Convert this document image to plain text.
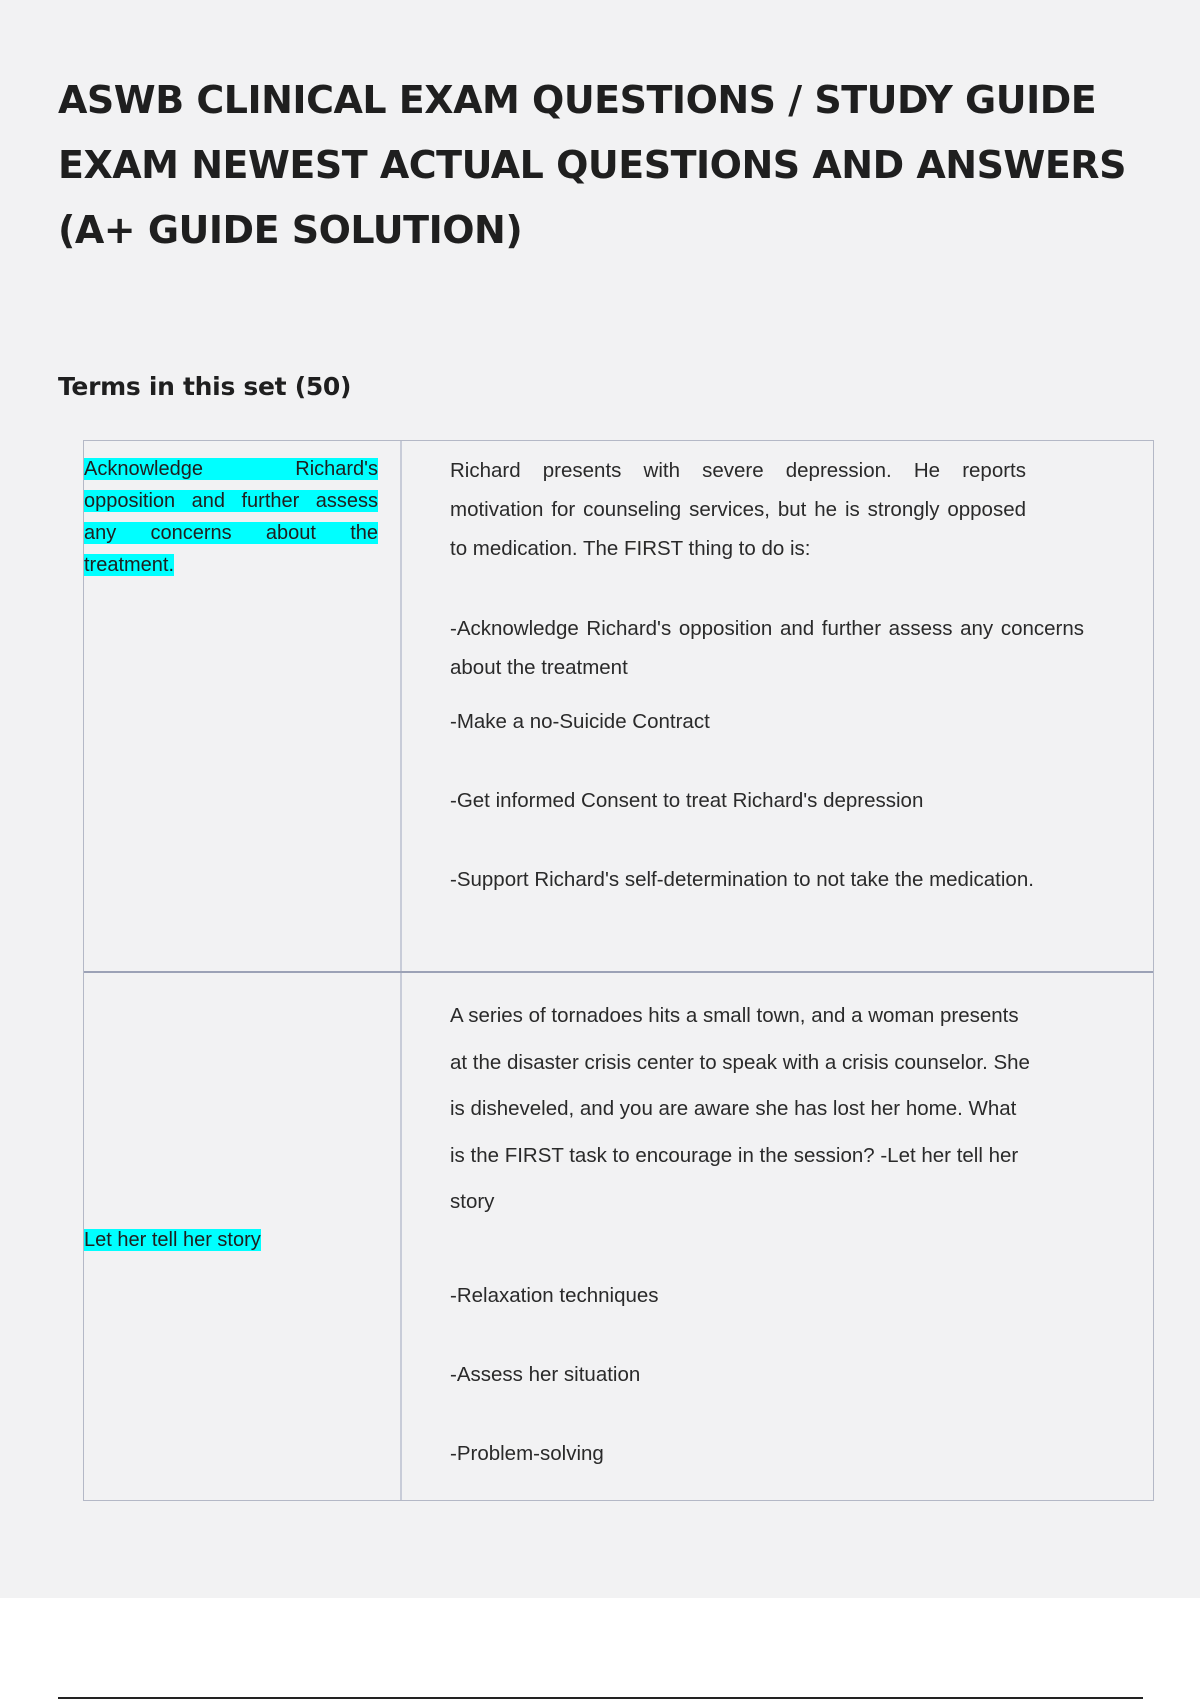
ASWB CLINICAL EXAM QUESTIONS / STUDY GUIDE
EXAM NEWEST ACTUAL QUESTIONS AND ANSWERS
(A+ GUIDE SOLUTION)
Terms in this set (50)
Acknowledge Richard's opposition and further assess any concerns about the treatment.
Richard presents with severe depression. He reports motivation for counseling services, but he is strongly opposed to medication. The FIRST thing to do is:
-Acknowledge Richard's opposition and further assess any concerns about the treatment

-Make a no-Suicide Contract

-Get informed Consent to treat Richard's depression

-Support Richard's self-determination to not take the medication.

Let her tell her story
A series of tornadoes hits a small town, and a woman presents at the disaster crisis center to speak with a crisis counselor. She is disheveled, and you are aware she has lost her home. What is the FIRST task to encourage in the session? -Let her tell her story

-Relaxation techniques

-Assess her situation

-Problem-solving
